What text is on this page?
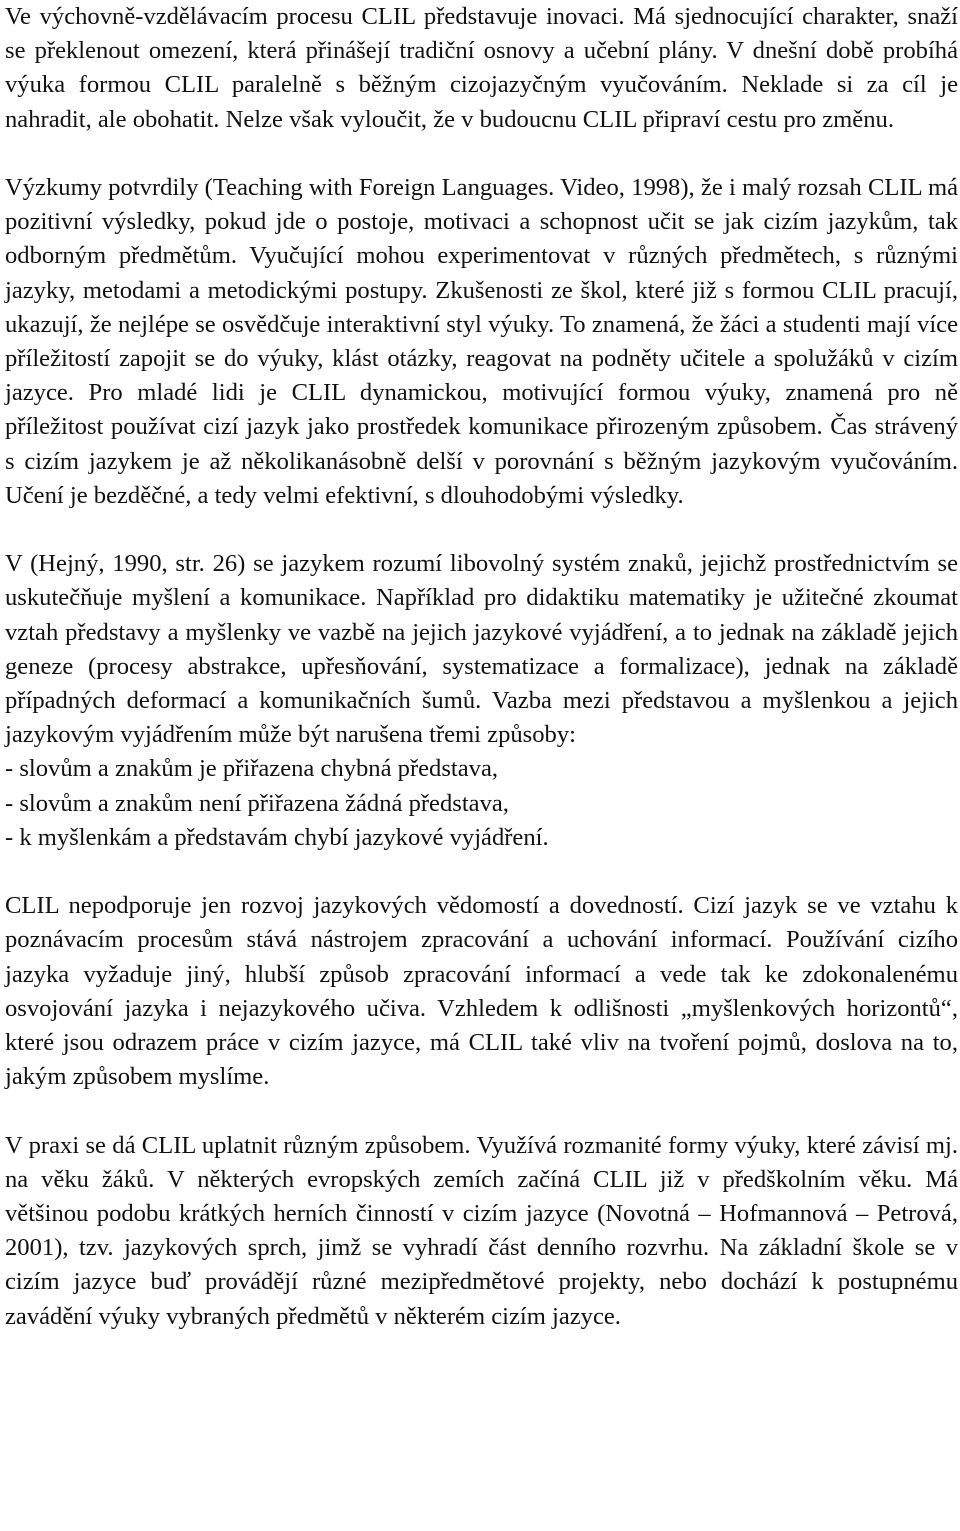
Ve výchovně-vzdělávacím procesu CLIL představuje inovaci. Má sjednocující charakter, snaží se překlenout omezení, která přinášejí tradiční osnovy a učební plány. V dnešní době probíhá výuka formou CLIL paralelně s běžným cizojazyčným vyučováním. Neklade si za cíl je nahradit, ale obohatit. Nelze však vyloučit, že v budoucnu CLIL připraví cestu pro změnu.

Výzkumy potvrdily (Teaching with Foreign Languages. Video, 1998), že i malý rozsah CLIL má pozitivní výsledky, pokud jde o postoje, motivaci a schopnost učit se jak cizím jazykům, tak odborným předmětům. Vyučující mohou experimentovat v různých předmětech, s různými jazyky, metodami a metodickými postupy. Zkušenosti ze škol, které již s formou CLIL pracují, ukazují, že nejlépe se osvědčuje interaktivní styl výuky. To znamená, že žáci a studenti mají více příležitostí zapojit se do výuky, klást otázky, reagovat na podněty učitele a spolužáků v cizím jazyce. Pro mladé lidi je CLIL dynamickou, motivující formou výuky, znamená pro ně příležitost používat cizí jazyk jako prostředek komunikace přirozeným způsobem. Čas strávený s cizím jazykem je až několikanásobně delší v porovnání s běžným jazykovým vyučováním. Učení je bezděčné, a tedy velmi efektivní, s dlouhodobými výsledky.

V (Hejný, 1990, str. 26) se jazykem rozumí libovolný systém znaků, jejichž prostřednictvím se uskutečňuje myšlení a komunikace. Například pro didaktiku matematiky je užitečné zkoumat vztah představy a myšlenky ve vazbě na jejich jazykové vyjádření, a to jednak na základě jejich geneze (procesy abstrakce, upřesňování, systematizace a formalizace), jednak na základě případných deformací a komunikačních šumů. Vazba mezi představou a myšlenkou a jejich jazykovým vyjádřením může být narušena třemi způsoby:

- slovům a znakům je přiřazena chybná představa,
- slovům a znakům není přiřazena žádná představa,
- k myšlenkám a představám chybí jazykové vyjádření.

CLIL nepodporuje jen rozvoj jazykových vědomostí a dovedností. Cizí jazyk se ve vztahu k poznávacím procesům stává nástrojem zpracování a uchování informací. Používání cizího jazyka vyžaduje jiný, hlubší způsob zpracování informací a vede tak ke zdokonalenému osvojování jazyka i nejazykového učiva. Vzhledem k odlišnosti „myšlenkových horizontů“, které jsou odrazem práce v cizím jazyce, má CLIL také vliv na tvoření pojmů, doslova na to, jakým způsobem myslíme.

V praxi se dá CLIL uplatnit různým způsobem. Využívá rozmanité formy výuky, které závisí mj. na věku žáků. V některých evropských zemích začíná CLIL již v předškolním věku. Má většinou podobu krátkých herních činností v cizím jazyce (Novotná – Hofmannová – Petrová, 2001), tzv. jazykových sprch, jimž se vyhradí část denního rozvrhu. Na základní škole se v cizím jazyce buď provádějí různé mezipředmětové projekty, nebo dochází k postupnému zavádění výuky vybraných předmětů v některém cizím jazyce.
